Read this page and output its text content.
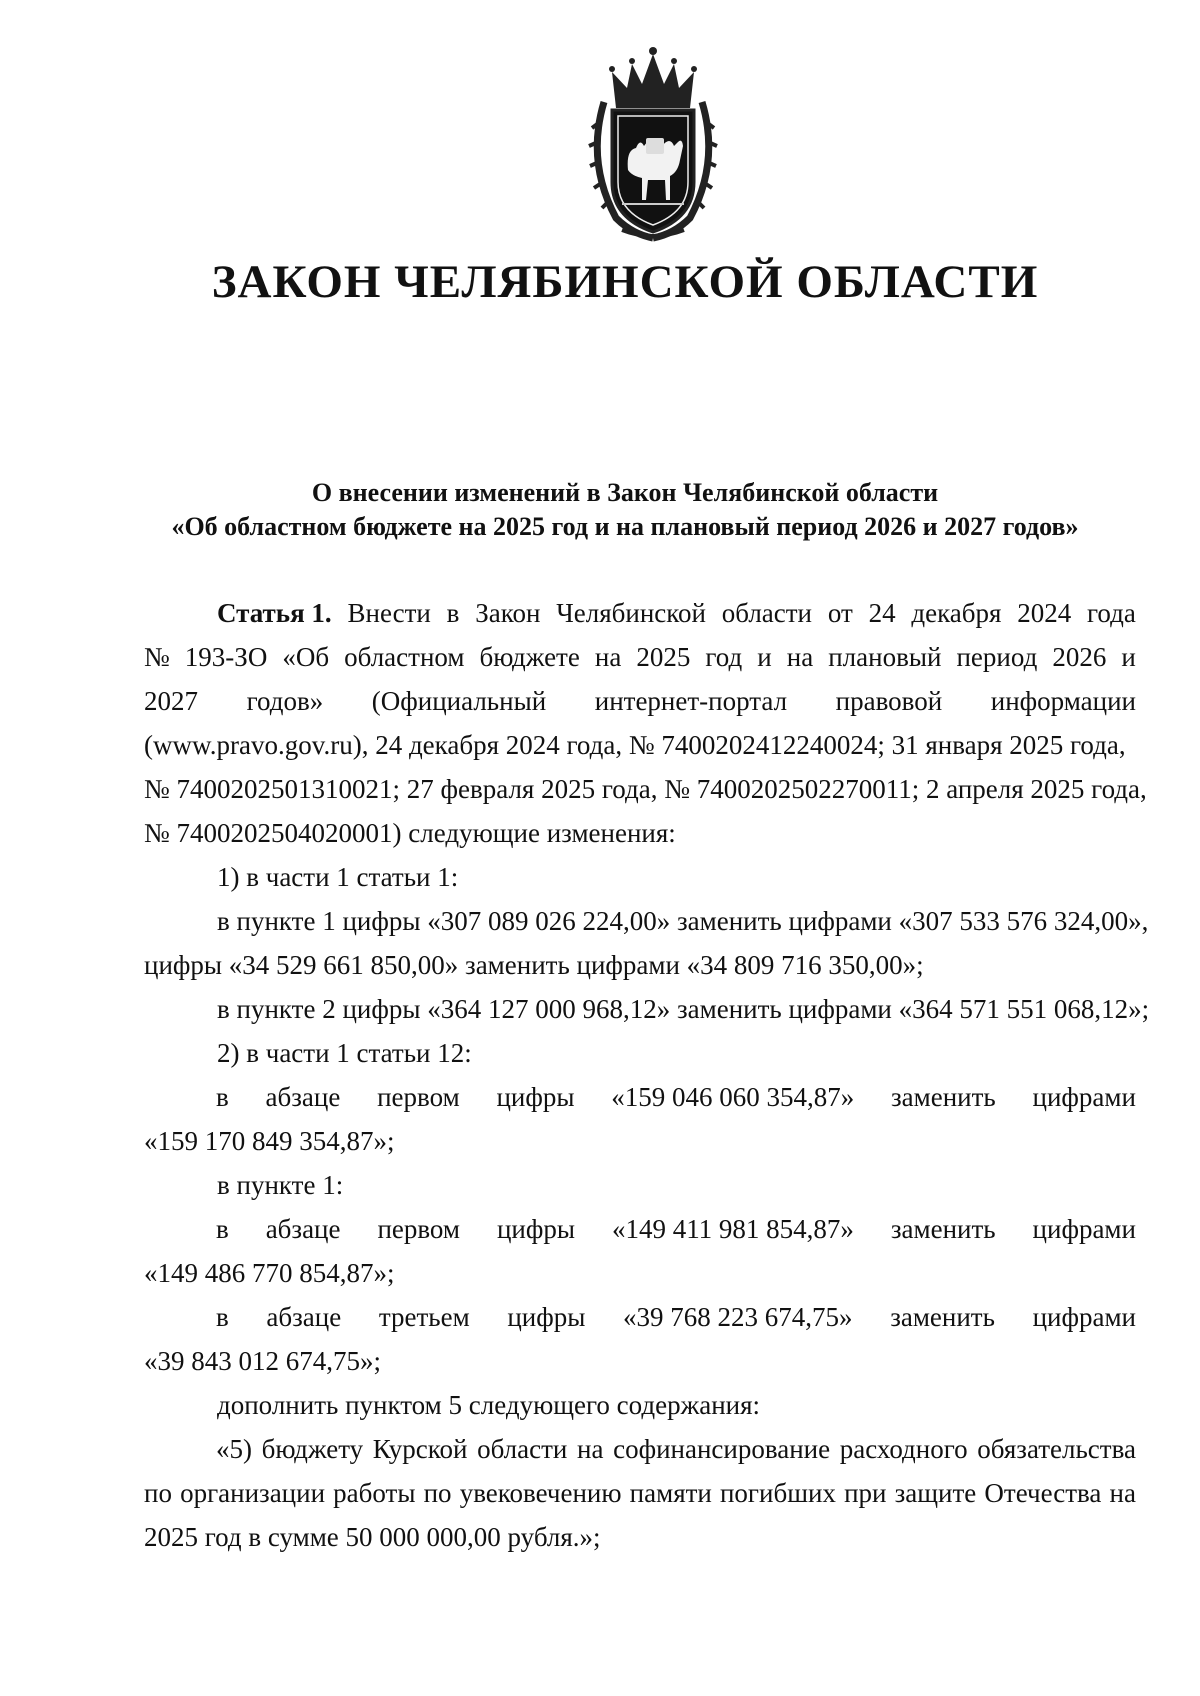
ЗАКОН ЧЕЛЯБИНСКОЙ ОБЛАСТИ
О внесении изменений в Закон Челябинской области
«Об областном бюджете на 2025 год и на плановый период 2026 и 2027 годов»
Статья 1. Внести в Закон Челябинской области от 24 декабря 2024 года
№ 193-ЗО «Об областном бюджете на 2025 год и на плановый период 2026 и
2027 годов» (Официальный интернет-портал правовой информации
(www.pravo.gov.ru), 24 декабря 2024 года, № 7400202412240024; 31 января 2025 года,
№ 7400202501310021; 27 февраля 2025 года, № 7400202502270011; 2 апреля 2025 года,
№ 7400202504020001) следующие изменения:
1) в части 1 статьи 1:
в пункте 1 цифры «307 089 026 224,00» заменить цифрами «307 533 576 324,00»,
цифры «34 529 661 850,00» заменить цифрами «34 809 716 350,00»;
в пункте 2 цифры «364 127 000 968,12» заменить цифрами «364 571 551 068,12»;
2) в части 1 статьи 12:
в абзаце первом цифры «159 046 060 354,87» заменить цифрами
«159 170 849 354,87»;
в пункте 1:
в абзаце первом цифры «149 411 981 854,87» заменить цифрами
«149 486 770 854,87»;
в абзаце третьем цифры «39 768 223 674,75» заменить цифрами
«39 843 012 674,75»;
дополнить пунктом 5 следующего содержания:
«5) бюджету Курской области на софинансирование расходного обязательства
по организации работы по увековечению памяти погибших при защите Отечества на
2025 год в сумме 50 000 000,00 рубля.»;
